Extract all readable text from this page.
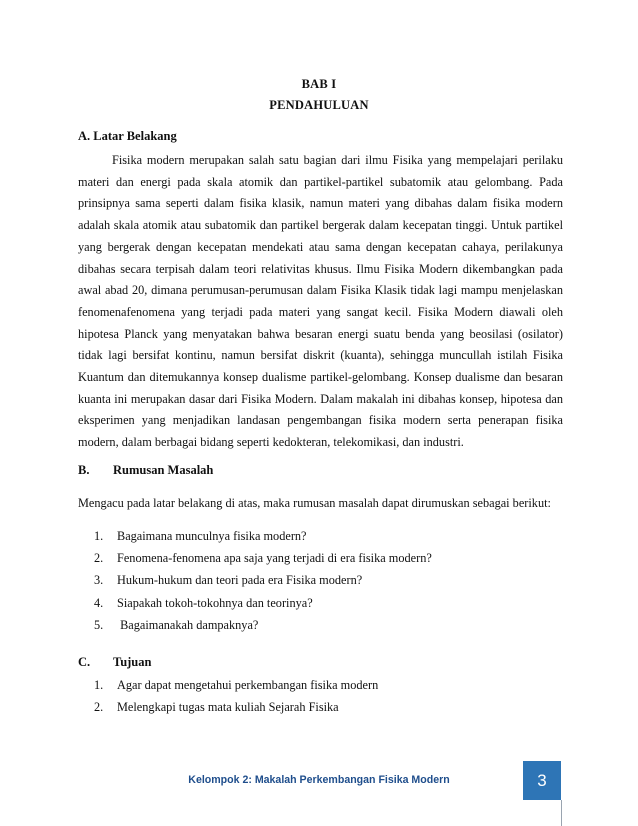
BAB I
PENDAHULUAN
A. Latar Belakang

Fisika modern merupakan salah satu bagian dari ilmu Fisika yang mempelajari perilaku materi dan energi pada skala atomik dan partikel-partikel subatomik atau gelombang. Pada prinsipnya sama seperti dalam fisika klasik, namun materi yang dibahas dalam fisika modern adalah skala atomik atau subatomik dan partikel bergerak dalam kecepatan tinggi. Untuk partikel yang bergerak dengan kecepatan mendekati atau sama dengan kecepatan cahaya, perilakunya dibahas secara terpisah dalam teori relativitas khusus. Ilmu Fisika Modern dikembangkan pada awal abad 20, dimana perumusan-perumusan dalam Fisika Klasik tidak lagi mampu menjelaskan fenomenafenomena yang terjadi pada materi yang sangat kecil. Fisika Modern diawali oleh hipotesa Planck yang menyatakan bahwa besaran energi suatu benda yang beosilasi (osilator) tidak lagi bersifat kontinu, namun bersifat diskrit (kuanta), sehingga muncullah istilah Fisika Kuantum dan ditemukannya konsep dualisme partikel-gelombang. Konsep dualisme dan besaran kuanta ini merupakan dasar dari Fisika Modern. Dalam makalah ini dibahas konsep, hipotesa dan eksperimen yang menjadikan landasan pengembangan fisika modern serta penerapan fisika modern, dalam berbagai bidang seperti kedokteran, telekomikasi, dan industri.

B. Rumusan Masalah
Mengacu pada latar belakang di atas, maka rumusan masalah dapat dirumuskan sebagai berikut:
1. Bagaimana munculnya fisika modern?
2. Fenomena-fenomena apa saja yang terjadi di era fisika modern?
3. Hukum-hukum dan teori pada era Fisika modern?
4. Siapakah tokoh-tokohnya dan teorinya?
5. Bagaimanakah dampaknya?
C. Tujuan
1. Agar dapat mengetahui perkembangan fisika modern
2. Melengkapi tugas mata kuliah Sejarah Fisika
Kelompok 2: Makalah Perkembangan Fisika Modern	3
